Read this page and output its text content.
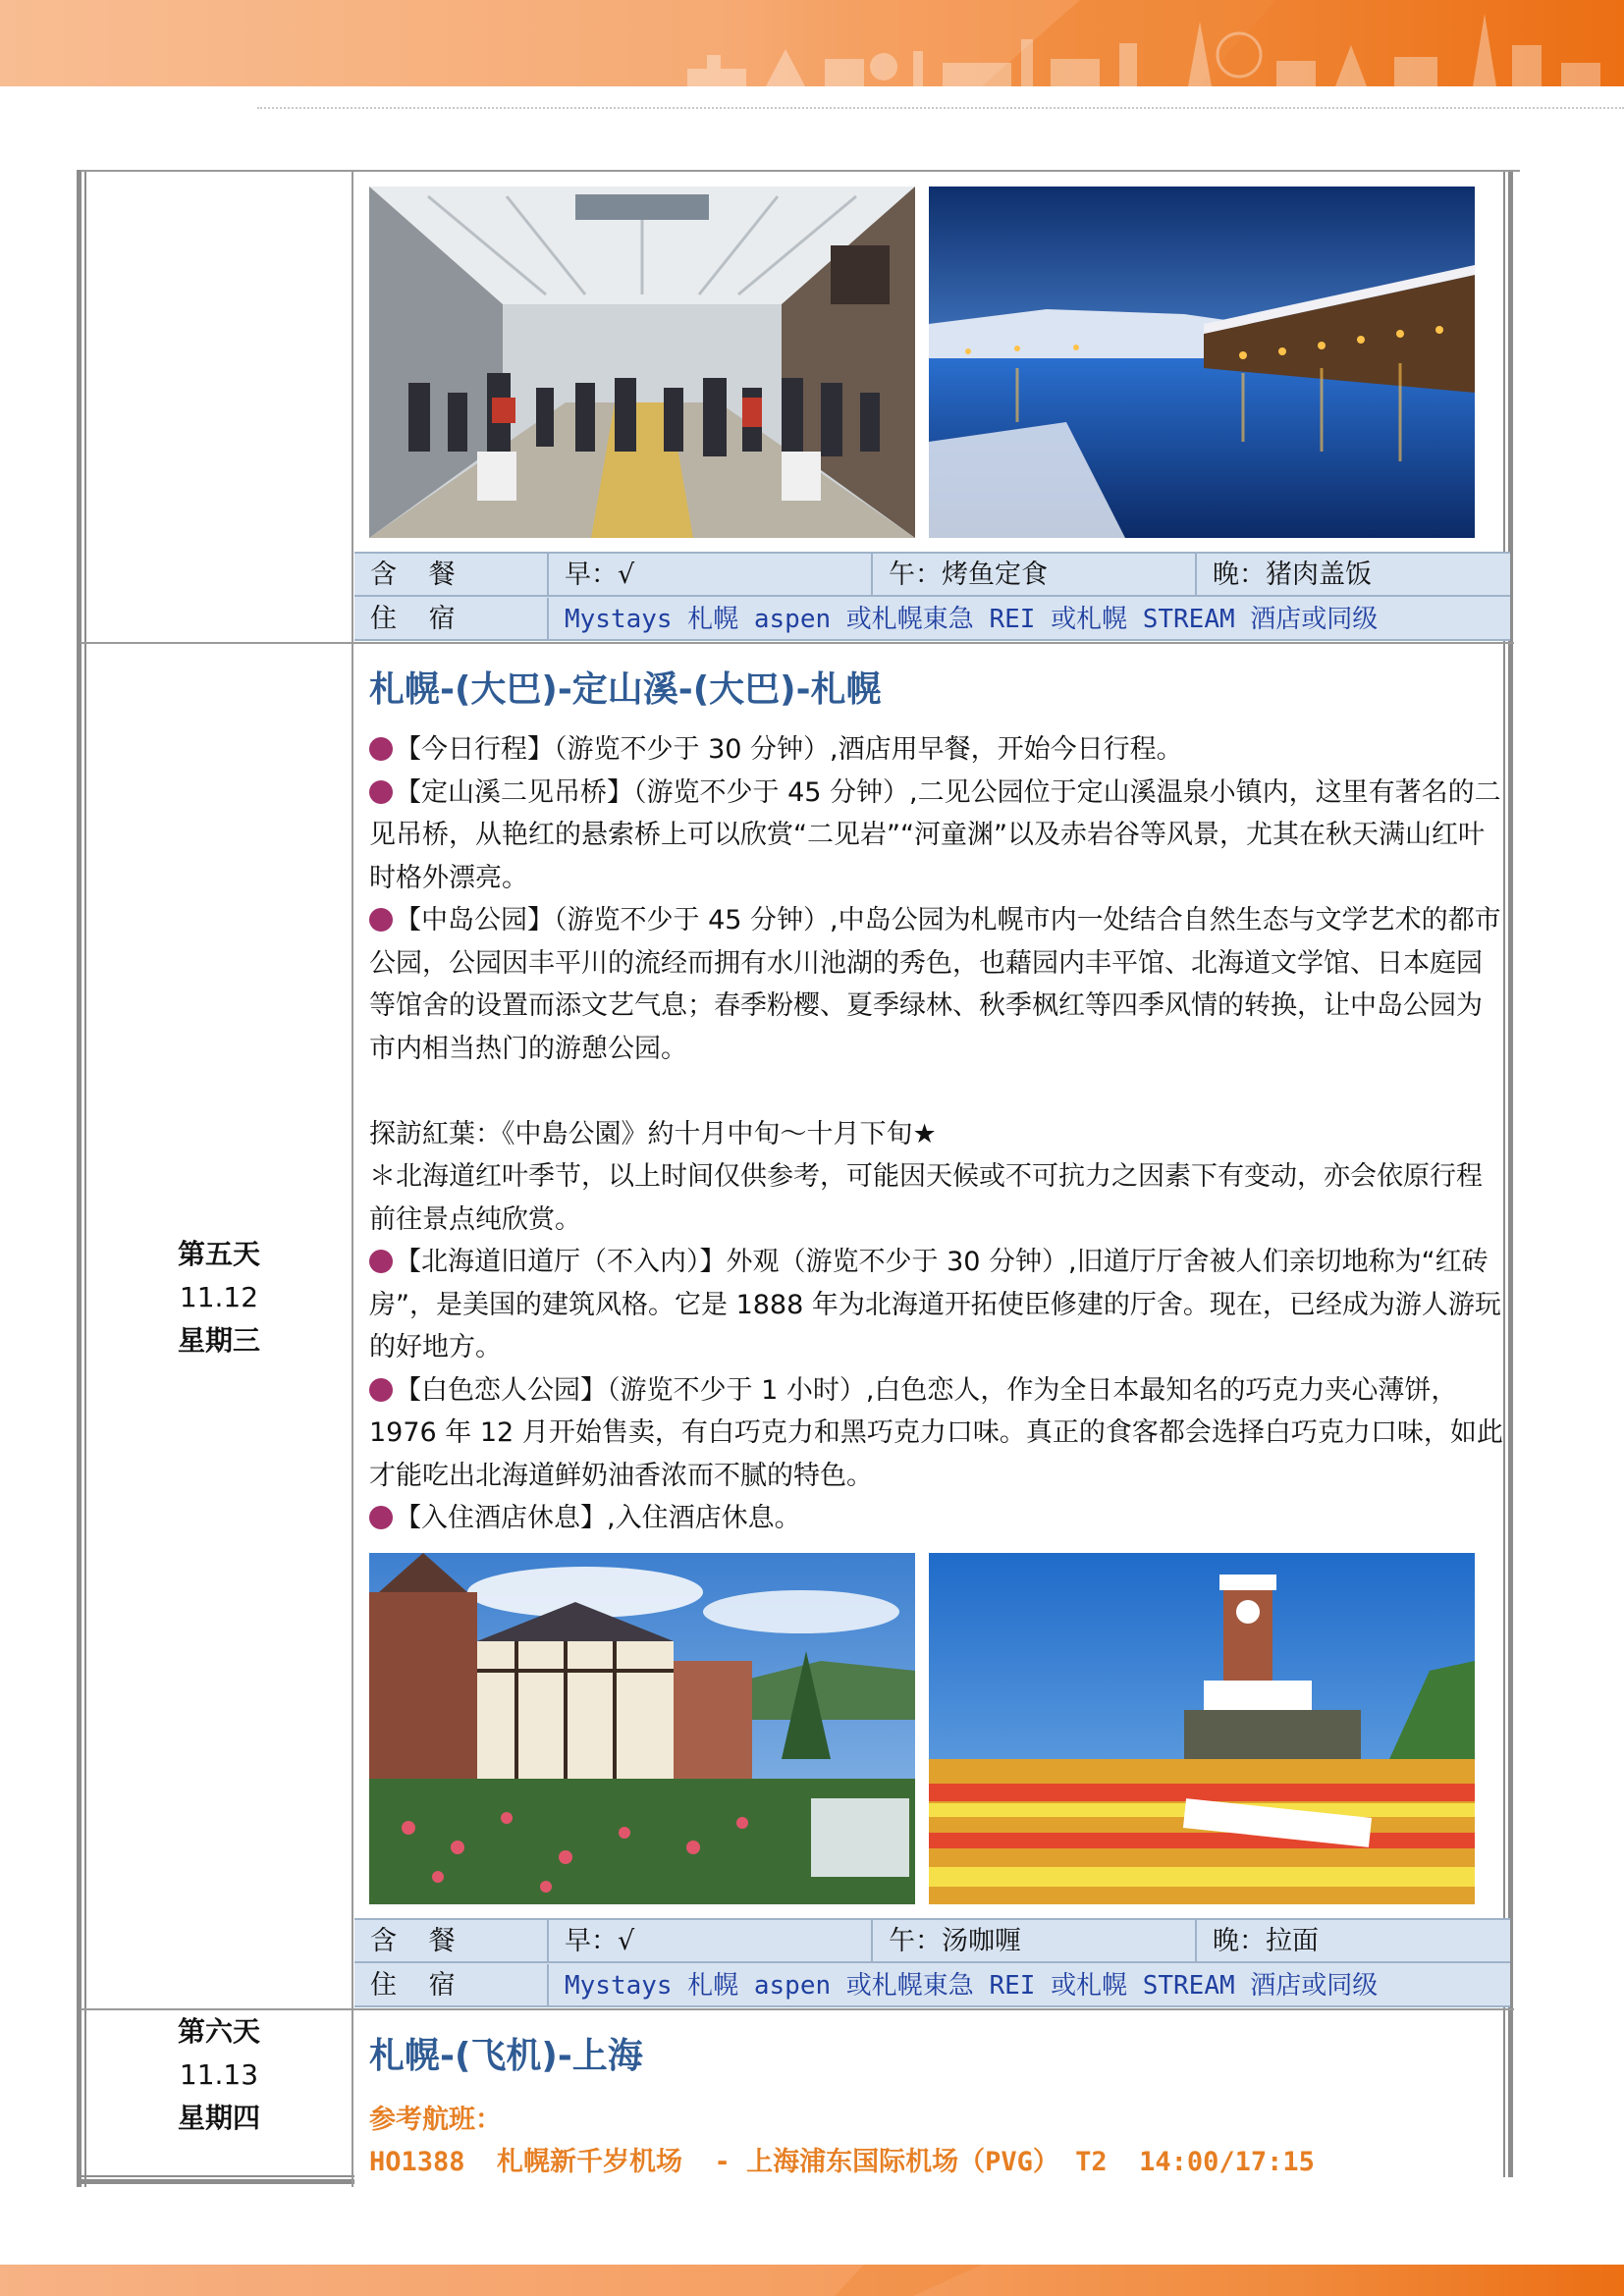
含 餐	早：√	午：烤鱼定食	晚：猪肉盖饭
住 宿	Mystays 札幌 aspen 或札幌東急 REI 或札幌 STREAM 酒店或同级
第五天
11.12
星期三
札幌-(大巴)-定山溪-(大巴)-札幌

【今日行程】（游览不少于 30 分钟）,酒店用早餐，开始今日行程。

【定山溪二见吊桥】（游览不少于 45 分钟）,二见公园位于定山溪温泉小镇内，这里有著名的二见吊桥，从艳红的悬索桥上可以欣赏“二见岩”“河童渊”以及赤岩谷等风景，尤其在秋天满山红叶时格外漂亮。

【中岛公园】（游览不少于 45 分钟）,中岛公园为札幌市内一处结合自然生态与文学艺术的都市公园，公园因丰平川的流经而拥有水川池湖的秀色，也藉园内丰平馆、北海道文学馆、日本庭园等馆舍的设置而添文艺气息；春季粉樱、夏季绿林、秋季枫红等四季风情的转换，让中岛公园为市内相当热门的游憩公园。

探訪紅葉：《中島公園》約十月中旬～十月下旬★

＊北海道红叶季节，以上时间仅供参考，可能因天候或不可抗力之因素下有变动，亦会依原行程前往景点纯欣赏。

【北海道旧道厅（不入内）】外观（游览不少于 30 分钟）,旧道厅厅舍被人们亲切地称为“红砖房”，是美国的建筑风格。它是 1888 年为北海道开拓使臣修建的厅舍。现在，已经成为游人游玩的好地方。

【白色恋人公园】（游览不少于 1 小时）,白色恋人，作为全日本最知名的巧克力夹心薄饼，1976 年 12 月开始售卖，有白巧克力和黑巧克力口味。真正的食客都会选择白巧克力口味，如此才能吃出北海道鲜奶油香浓而不腻的特色。

【入住酒店休息】,入住酒店休息。

含 餐	早：√	午：汤咖喱	晚：拉面
住 宿	Mystays 札幌 aspen 或札幌東急 REI 或札幌 STREAM 酒店或同级
第六天
11.13
星期四
札幌-(飞机)-上海
参考航班：
HO1388  札幌新千岁机场  - 上海浦东国际机场（PVG） T2  14:00/17:15
